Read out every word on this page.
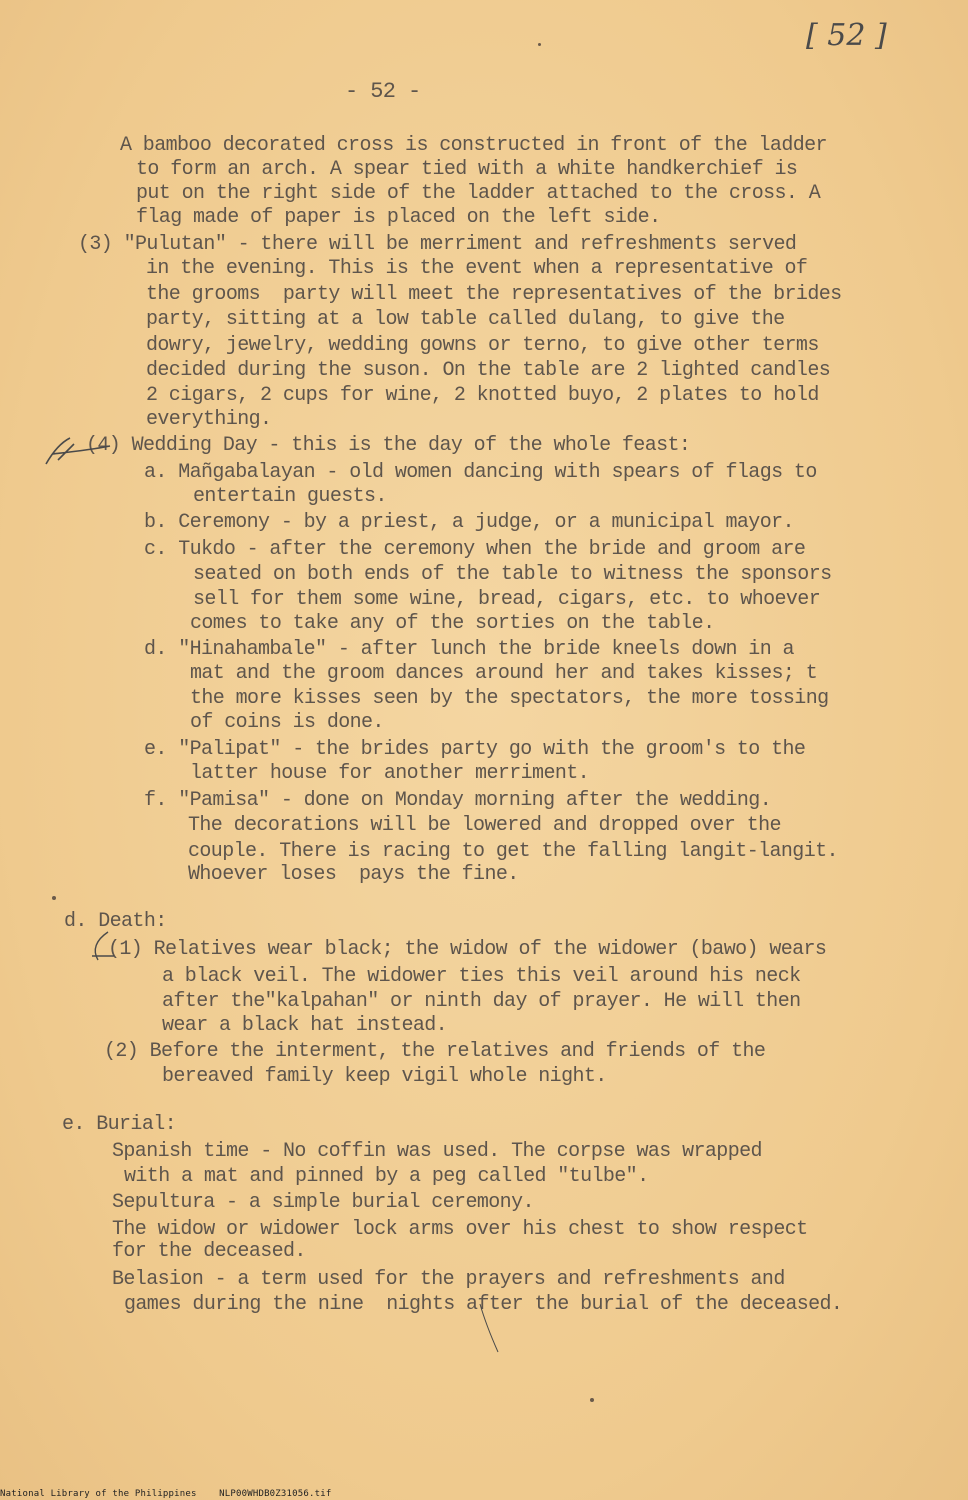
[ 52 ]
- 52 -
A bamboo decorated cross is constructed in front of the ladder
to form an arch. A spear tied with a white handkerchief is
put on the right side of the ladder attached to the cross. A
flag made of paper is placed on the left side.
(3) "Pulutan" - there will be merriment and refreshments served
in the evening. This is the event when a representative of
the grooms  party will meet the representatives of the brides
party, sitting at a low table called dulang, to give the
dowry, jewelry, wedding gowns or terno, to give other terms
decided during the suson. On the table are 2 lighted candles
2 cigars, 2 cups for wine, 2 knotted buyo, 2 plates to hold
everything.
(4) Wedding Day - this is the day of the whole feast:
a. Mañgabalayan - old women dancing with spears of flags to
entertain guests.
b. Ceremony - by a priest, a judge, or a municipal mayor.
c. Tukdo - after the ceremony when the bride and groom are
seated on both ends of the table to witness the sponsors
sell for them some wine, bread, cigars, etc. to whoever
comes to take any of the sorties on the table.
d. "Hinahambale" - after lunch the bride kneels down in a
mat and the groom dances around her and takes kisses; t
the more kisses seen by the spectators, the more tossing
of coins is done.
e. "Palipat" - the brides party go with the groom's to the
latter house for another merriment.
f. "Pamisa" - done on Monday morning after the wedding.
The decorations will be lowered and dropped over the
couple. There is racing to get the falling langit-langit.
Whoever loses  pays the fine.
d. Death:
(1) Relatives wear black; the widow of the widower (bawo) wears
a black veil. The widower ties this veil around his neck
after the"kalpahan" or ninth day of prayer. He will then
wear a black hat instead.
(2) Before the interment, the relatives and friends of the
bereaved family keep vigil whole night.
e. Burial:
Spanish time - No coffin was used. The corpse was wrapped
with a mat and pinned by a peg called "tulbe".
Sepultura - a simple burial ceremony.
The widow or widower lock arms over his chest to show respect
for the deceased.
Belasion - a term used for the prayers and refreshments and
games during the nine  nights after the burial of the deceased.
National Library of the Philippines    NLP00WHDB0Z31056.tif
